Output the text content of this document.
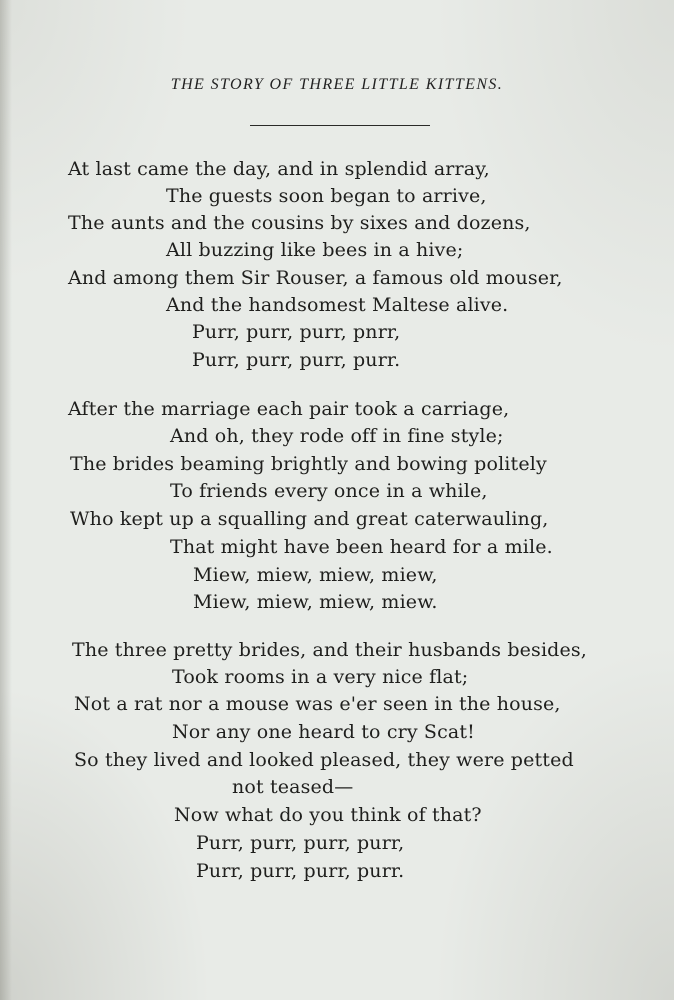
THE STORY OF THREE LITTLE KITTENS.
At last came the day, and in splendid array,
The guests soon began to arrive,
The aunts and the cousins by sixes and dozens,
All buzzing like bees in a hive;
And among them Sir Rouser, a famous old mouser,
And the handsomest Maltese alive.
Purr, purr, purr, pnrr,
Purr, purr, purr, purr.
After the marriage each pair took a carriage,
And oh, they rode off in fine style;
The brides beaming brightly and bowing politely
To friends every once in a while,
Who kept up a squalling and great caterwauling,
That might have been heard for a mile.
Miew, miew, miew, miew,
Miew, miew, miew, miew.
The three pretty brides, and their husbands besides,
Took rooms in a very nice flat;
Not a rat nor a mouse was e'er seen in the house,
Nor any one heard to cry Scat!
So they lived and looked pleased, they were petted
not teased—
Now what do you think of that?
Purr, purr, purr, purr,
Purr, purr, purr, purr.
